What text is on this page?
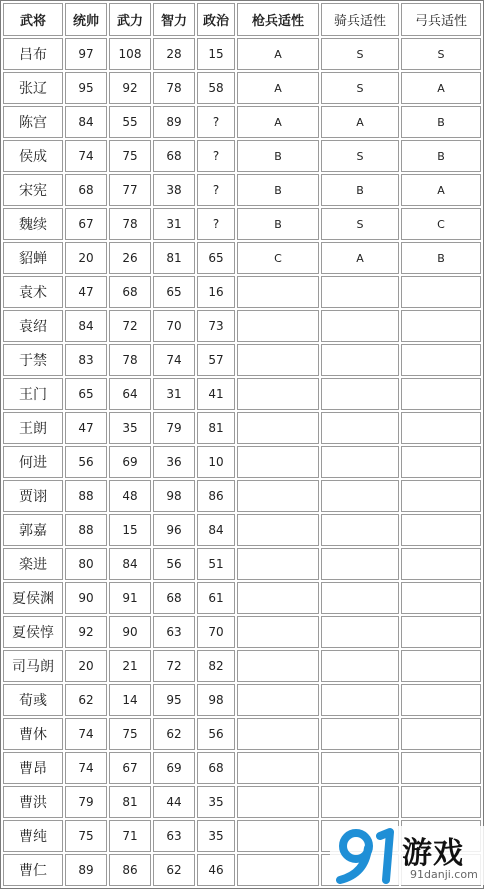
武将	统帅	武力	智力	政治	枪兵适性	骑兵适性	弓兵适性
吕布	97	108	28	15	A	S	S
张辽	95	92	78	58	A	S	A
陈宫	84	55	89	?	A	A	B
侯成	74	75	68	?	B	S	B
宋宪	68	77	38	?	B	B	A
魏续	67	78	31	?	B	S	C
貂蝉	20	26	81	65	C	A	B
袁术	47	68	65	16			
袁绍	84	72	70	73			
于禁	83	78	74	57			
王门	65	64	31	41			
王朗	47	35	79	81			
何进	56	69	36	10			
贾诩	88	48	98	86			
郭嘉	88	15	96	84			
楽进	80	84	56	51			
夏侯渊	90	91	68	61			
夏侯惇	92	90	63	70			
司马朗	20	21	72	82			
荀彧	62	14	95	98			
曹休	74	75	62	56			
曹昂	74	67	69	68			
曹洪	79	81	44	35			
曹纯	75	71	63	35			
曹仁	89	86	62	46				游戏
91danji.com
